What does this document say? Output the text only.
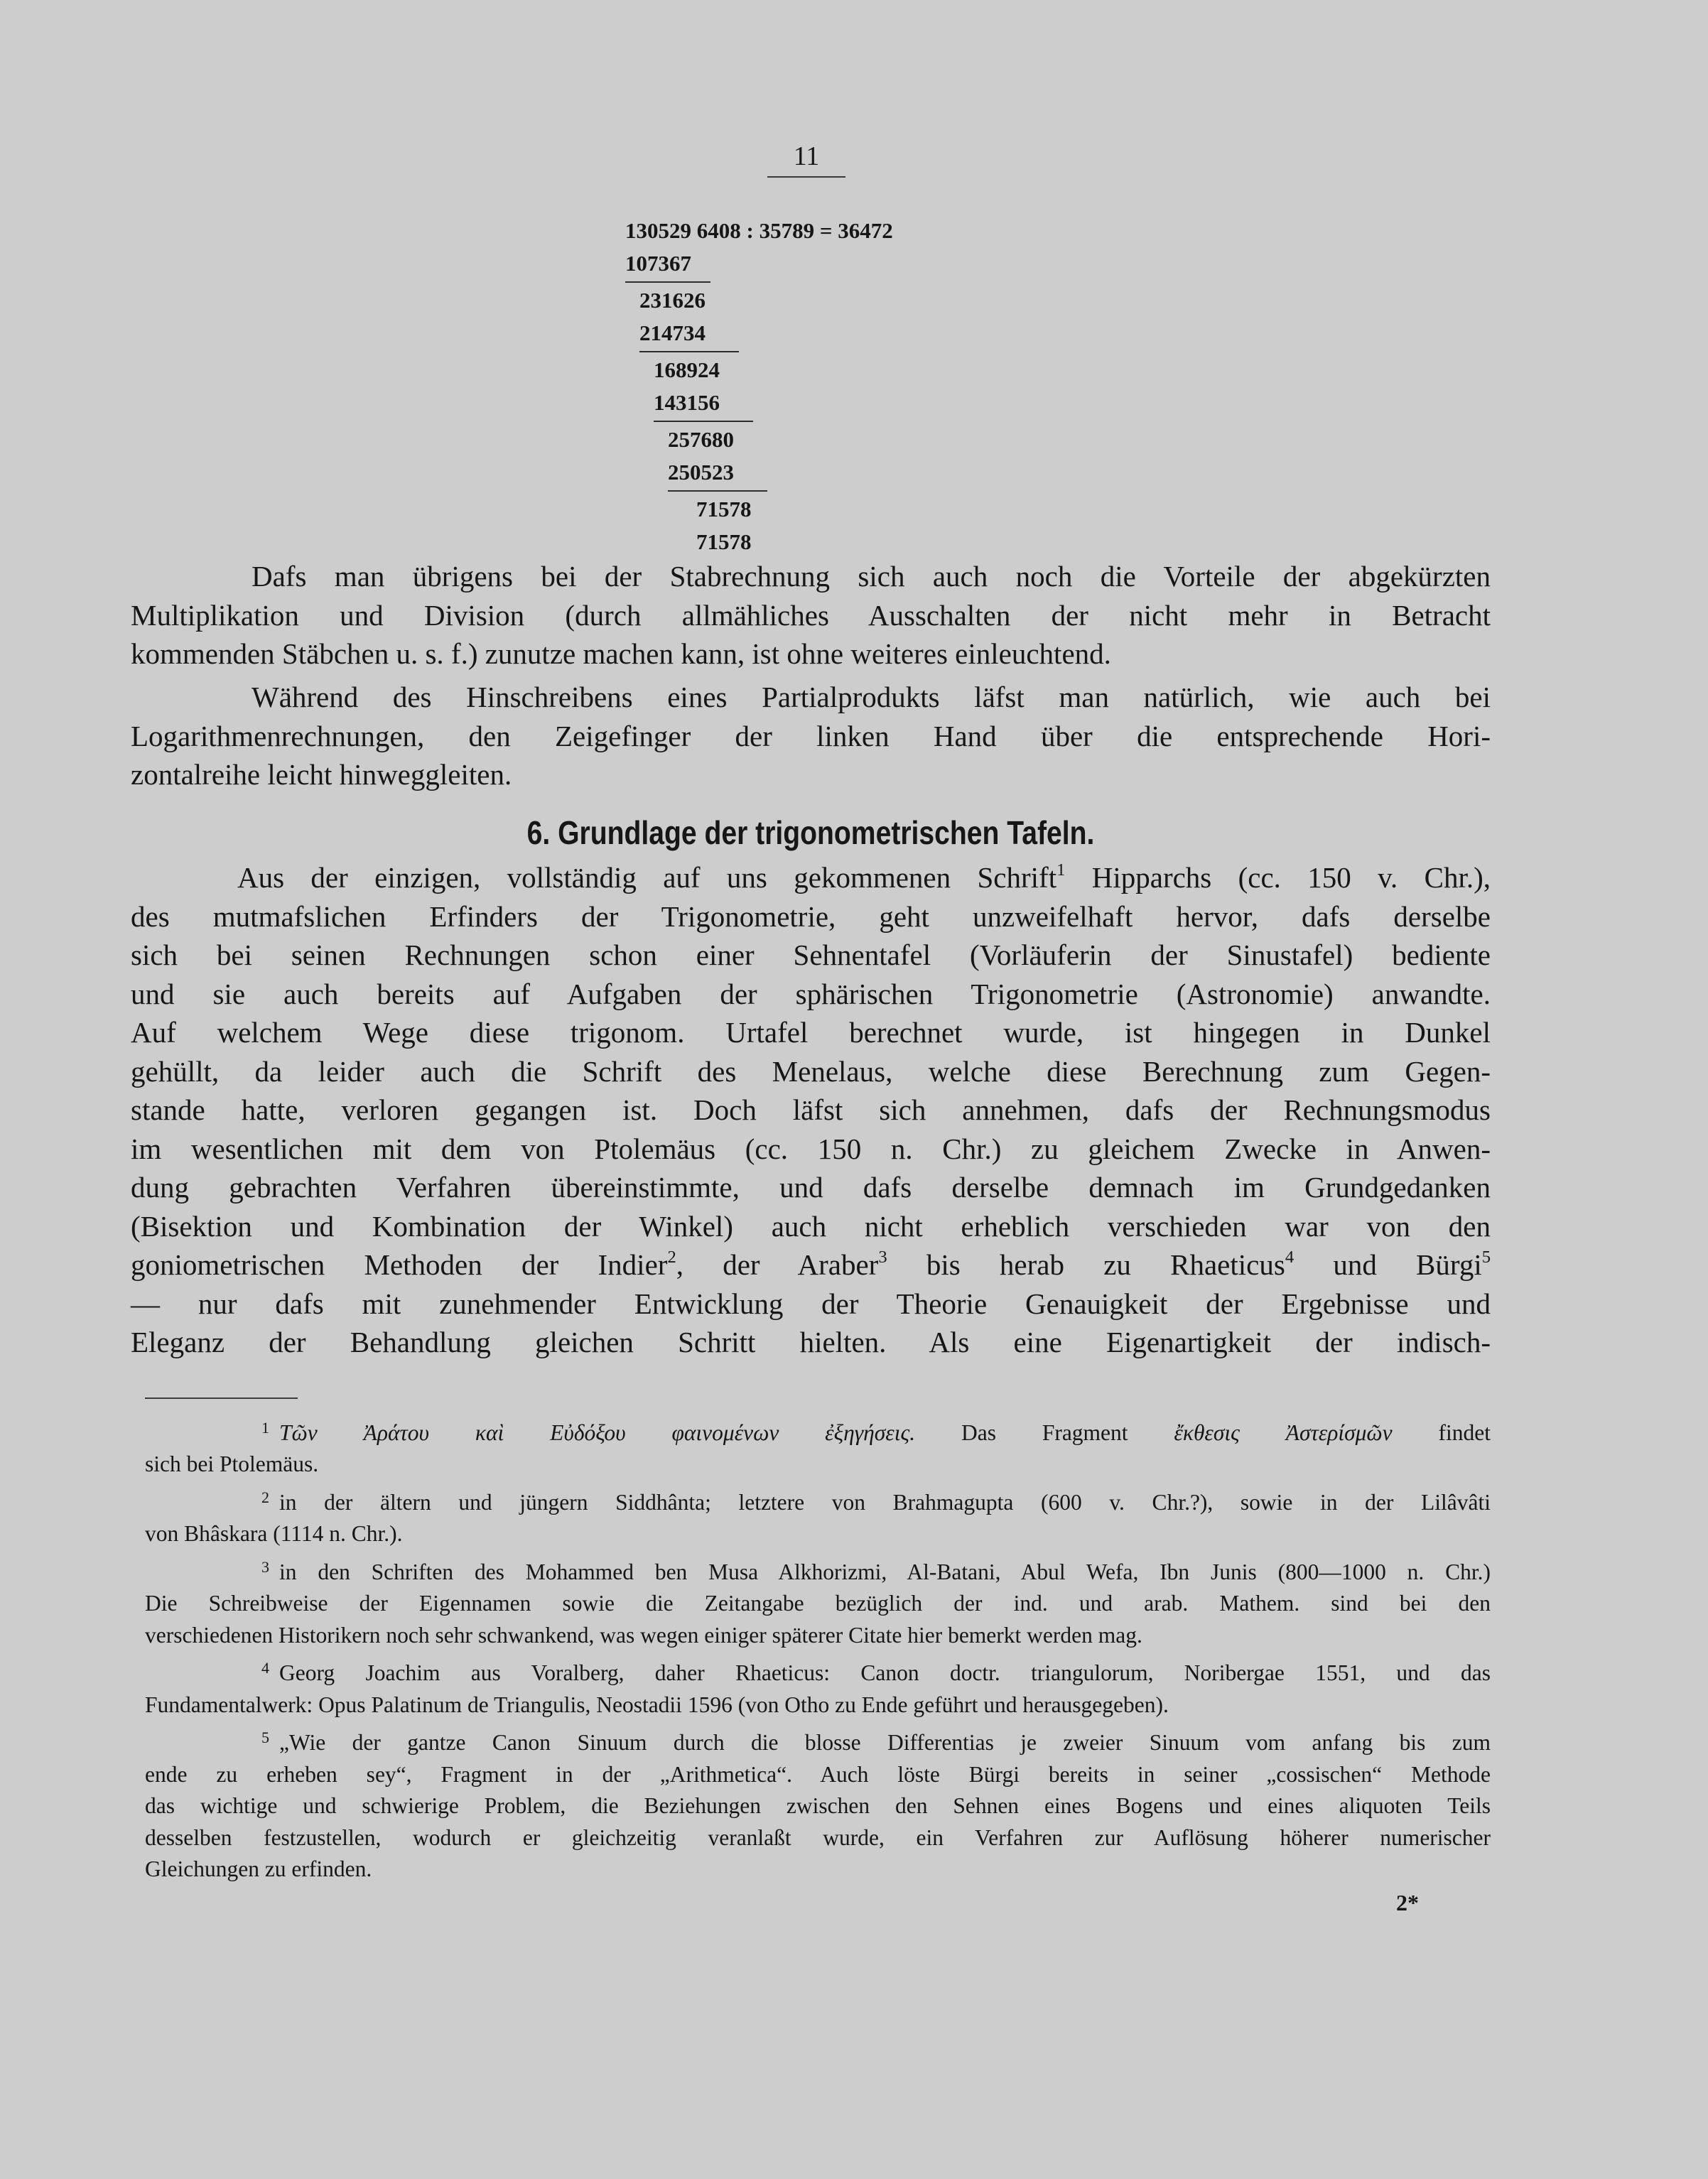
11
130529 6408 : 35789 = 36472
107367
231626
214734
168924
143156
257680
250523
71578
71578
Dafs man übrigens bei der Stabrechnung sich auch noch die Vorteile der abgekürzten
Multiplikation und Division (durch allmähliches Ausschalten der nicht mehr in Betracht
kommenden Stäbchen u. s. f.) zunutze machen kann, ist ohne weiteres einleuchtend.
Während des Hinschreibens eines Partialprodukts läfst man natürlich, wie auch bei
Logarithmenrechnungen, den Zeigefinger der linken Hand über die entsprechende Hori-
zontalreihe leicht hinweggleiten.
6. Grundlage der trigonometrischen Tafeln.
Aus der einzigen, vollständig auf uns gekommenen Schrift$^1$ Hipparchs (cc. 150 v. Chr.),
des mutmafslichen Erfinders der Trigonometrie, geht unzweifelhaft hervor, dafs derselbe
sich bei seinen Rechnungen schon einer Sehnentafel (Vorläuferin der Sinustafel) bediente
und sie auch bereits auf Aufgaben der sphärischen Trigonometrie (Astronomie) anwandte.
Auf welchem Wege diese trigonom. Urtafel berechnet wurde, ist hingegen in Dunkel
gehüllt, da leider auch die Schrift des Menelaus, welche diese Berechnung zum Gegen-
stande hatte, verloren gegangen ist. Doch läfst sich annehmen, dafs der Rechnungsmodus
im wesentlichen mit dem von Ptolemäus (cc. 150 n. Chr.) zu gleichem Zwecke in Anwen-
dung gebrachten Verfahren übereinstimmte, und dafs derselbe demnach im Grundgedanken
(Bisektion und Kombination der Winkel) auch nicht erheblich verschieden war von den
goniometrischen Methoden der Indier$^2$, der Araber$^3$ bis herab zu Rhaeticus$^4$ und Bürgi$^5$
— nur dafs mit zunehmender Entwicklung der Theorie Genauigkeit der Ergebnisse und
Eleganz der Behandlung gleichen Schritt hielten. Als eine Eigenartigkeit der indisch-
$^1$ Τῶν Ἀράτου καὶ Εὐδόξου φαινομένων ἐξηγήσεις. Das Fragment ἔκθεσις Ἀστερίσμῶν findet
sich bei Ptolemäus.
$^2$ in der ältern und jüngern Siddhânta; letztere von Brahmagupta (600 v. Chr.?), sowie in der Lilâvâti
von Bhâskara (1114 n. Chr.).
$^3$ in den Schriften des Mohammed ben Musa Alkhorizmi, Al-Batani, Abul Wefa, Ibn Junis (800—1000 n. Chr.)
Die Schreibweise der Eigennamen sowie die Zeitangabe bezüglich der ind. und arab. Mathem. sind bei den
verschiedenen Historikern noch sehr schwankend, was wegen einiger späterer Citate hier bemerkt werden mag.
$^4$ Georg Joachim aus Voralberg, daher Rhaeticus: Canon doctr. triangulorum, Noribergae 1551, und das
Fundamentalwerk: Opus Palatinum de Triangulis, Neostadii 1596 (von Otho zu Ende geführt und herausgegeben).
$^5$ „Wie der gantze Canon Sinuum durch die blosse Differentias je zweier Sinuum vom anfang bis zum
ende zu erheben sey“, Fragment in der „Arithmetica“. Auch löste Bürgi bereits in seiner „cossischen“ Methode
das wichtige und schwierige Problem, die Beziehungen zwischen den Sehnen eines Bogens und eines aliquoten Teils
desselben festzustellen, wodurch er gleichzeitig veranlaßt wurde, ein Verfahren zur Auflösung höherer numerischer
Gleichungen zu erfinden.
2*
